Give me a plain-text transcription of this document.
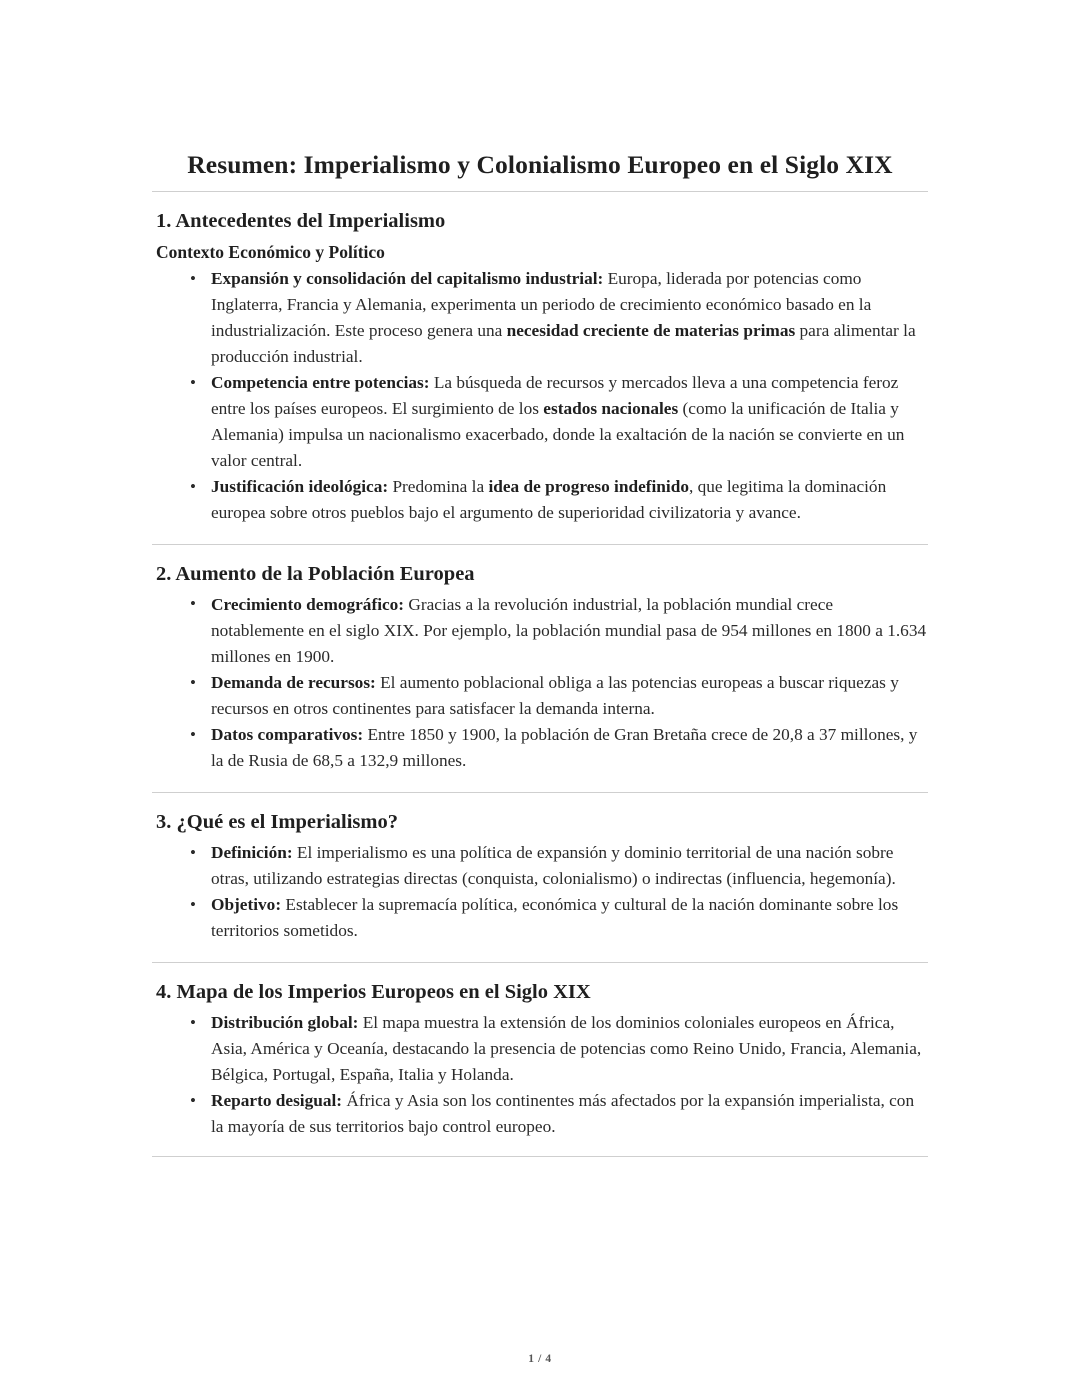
Resumen: Imperialismo y Colonialismo Europeo en el Siglo XIX
1. Antecedentes del Imperialismo
Contexto Económico y Político
• Expansión y consolidación del capitalismo industrial: Europa, liderada por potencias como Inglaterra, Francia y Alemania, experimenta un periodo de crecimiento económico basado en la industrialización. Este proceso genera una necesidad creciente de materias primas para alimentar la producción industrial.
• Competencia entre potencias: La búsqueda de recursos y mercados lleva a una competencia feroz entre los países europeos. El surgimiento de los estados nacionales (como la unificación de Italia y Alemania) impulsa un nacionalismo exacerbado, donde la exaltación de la nación se convierte en un valor central.
• Justificación ideológica: Predomina la idea de progreso indefinido, que legitima la dominación europea sobre otros pueblos bajo el argumento de superioridad civilizatoria y avance.
2. Aumento de la Población Europea
• Crecimiento demográfico: Gracias a la revolución industrial, la población mundial crece notablemente en el siglo XIX. Por ejemplo, la población mundial pasa de 954 millones en 1800 a 1.634 millones en 1900.
• Demanda de recursos: El aumento poblacional obliga a las potencias europeas a buscar riquezas y recursos en otros continentes para satisfacer la demanda interna.
• Datos comparativos: Entre 1850 y 1900, la población de Gran Bretaña crece de 20,8 a 37 millones, y la de Rusia de 68,5 a 132,9 millones.
3. ¿Qué es el Imperialismo?
• Definición: El imperialismo es una política de expansión y dominio territorial de una nación sobre otras, utilizando estrategias directas (conquista, colonialismo) o indirectas (influencia, hegemonía).
• Objetivo: Establecer la supremacía política, económica y cultural de la nación dominante sobre los territorios sometidos.
4. Mapa de los Imperios Europeos en el Siglo XIX
• Distribución global: El mapa muestra la extensión de los dominios coloniales europeos en África, Asia, América y Oceanía, destacando la presencia de potencias como Reino Unido, Francia, Alemania, Bélgica, Portugal, España, Italia y Holanda.
• Reparto desigual: África y Asia son los continentes más afectados por la expansión imperialista, con la mayoría de sus territorios bajo control europeo.
1 / 4
